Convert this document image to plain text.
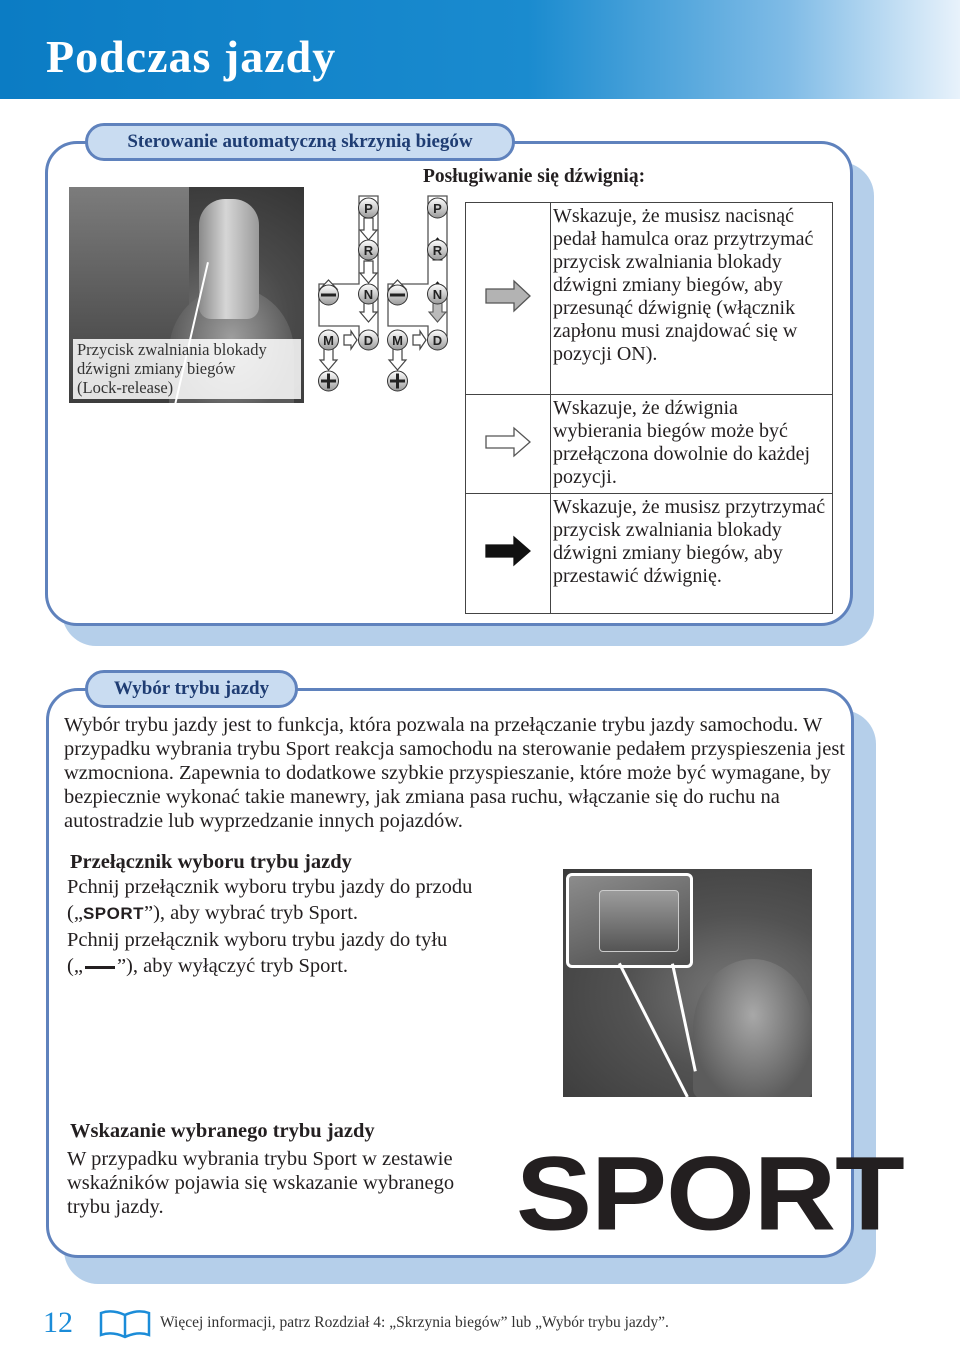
Podczas jazdy
Sterowanie automatyczną skrzynią biegów
Przycisk zwalniania blokady
dźwigni zmiany biegów
(Lock-release)
P
R
N
D
M
P
R
N
D
M
Posługiwanie się dźwignią:
	Wskazuje, że musisz nacisnąć pedał hamulca oraz przytrzymać przycisk zwalniania blokady dźwigni zmiany biegów, aby przesunąć dźwignię (włącznik zapłonu musi znajdować się w pozycji ON).
	Wskazuje, że dźwignia wybierania biegów może być przełączona dowolnie do każdej pozycji.
	Wskazuje, że musisz przytrzymać przycisk zwalniania blokady dźwigni zmiany biegów, aby przestawić dźwignię.
Wybór trybu jazdy
Wybór trybu jazdy jest to funkcja, która pozwala na przełączanie trybu jazdy samochodu. W przypadku wybrania trybu Sport reakcja samochodu na sterowanie pedałem przyspieszenia jest wzmocniona. Zapewnia to dodatkowe szybkie przyspieszanie, które może być wymagane, by bezpiecznie wykonać takie manewry, jak zmiana pasa ruchu, włączanie się do ruchu na autostradzie lub wyprzedzanie innych pojazdów.
Przełącznik wyboru trybu jazdy
Pchnij przełącznik wyboru trybu jazdy do przodu
(„SPORT”), aby wybrać tryb Sport.
Pchnij przełącznik wyboru trybu jazdy do tyłu
(„ ”), aby wyłączyć tryb Sport.
Wskazanie wybranego trybu jazdy
W przypadku wybrania trybu Sport w zestawie
wskaźników pojawia się wskazanie wybranego
trybu jazdy.	SPORT
12	Więcej informacji, patrz Rozdział 4: „Skrzynia biegów” lub „Wybór trybu jazdy”.
